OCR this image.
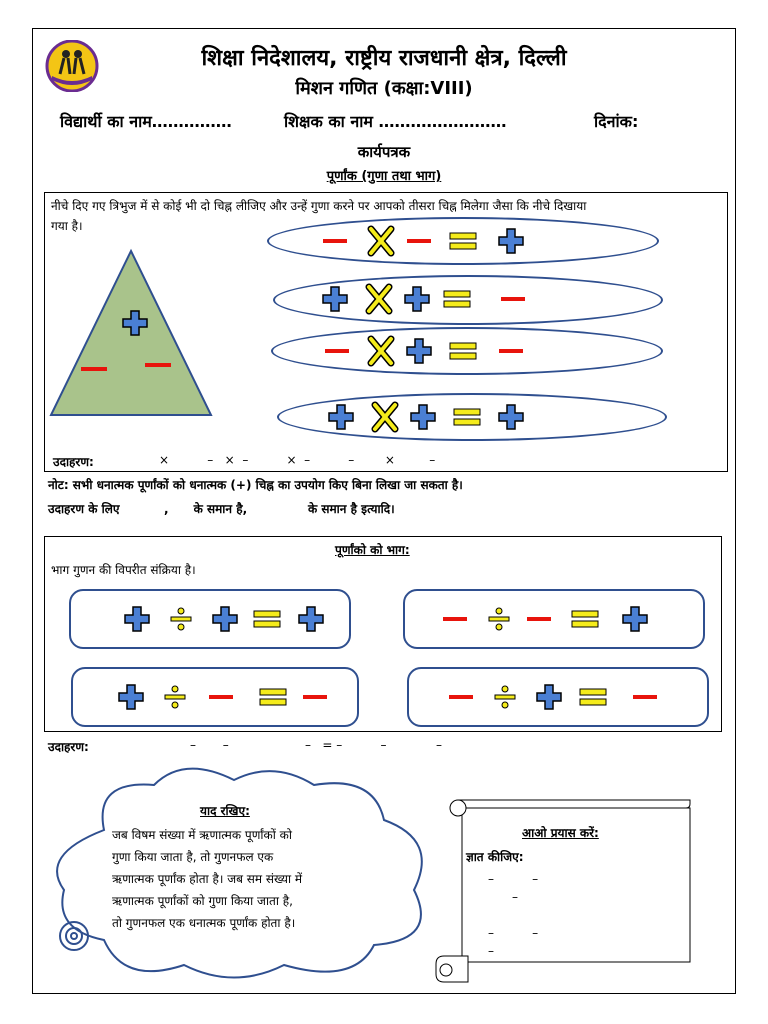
शिक्षा निदेशालय, राष्ट्रीय राजधानी क्षेत्र, दिल्ली
मिशन गणित (कक्षा:VIII)
विद्यार्थी का नाम……………	शिक्षक का नाम ……………………	दिनांक:
कार्यपत्रक
पूर्णांक (गुणा तथा भाग)
नीचे दिए गए त्रिभुज में से कोई भी दो चिह्न लीजिए और उन्हें गुणा करने पर आपको तीसरा चिह्न मिलेगा जैसा कि नीचे दिखाया
गया है।
उदाहरण:	×          –   ×  –          ×  –          –        ×         –
नोट: सभी धनात्मक पूर्णांकों को धनात्मक (+) चिह्न का उपयोग किए बिना लिखा जा सकता है।
उदाहरण के लिए	,      के समान है,	के समान है इत्यादि।
पूर्णांको को भाग:
भाग गुणन की विपरीत संक्रिया है।
उदाहरण:	–       –                    –   = –          –             –
याद रखिए:
जब विषम संख्या में ऋणात्मक पूर्णांकों को
गुणा किया जाता है, तो गुणनफल एक
ऋणात्मक पूर्णांक होता है। जब सम संख्या में
ऋणात्मक पूर्णांकों को गुणा किया जाता है,
तो गुणनफल एक धनात्मक पूर्णांक होता है।
आओ प्रयास करें:
ज्ञात कीजिए:
–          –
–
–          –
–
